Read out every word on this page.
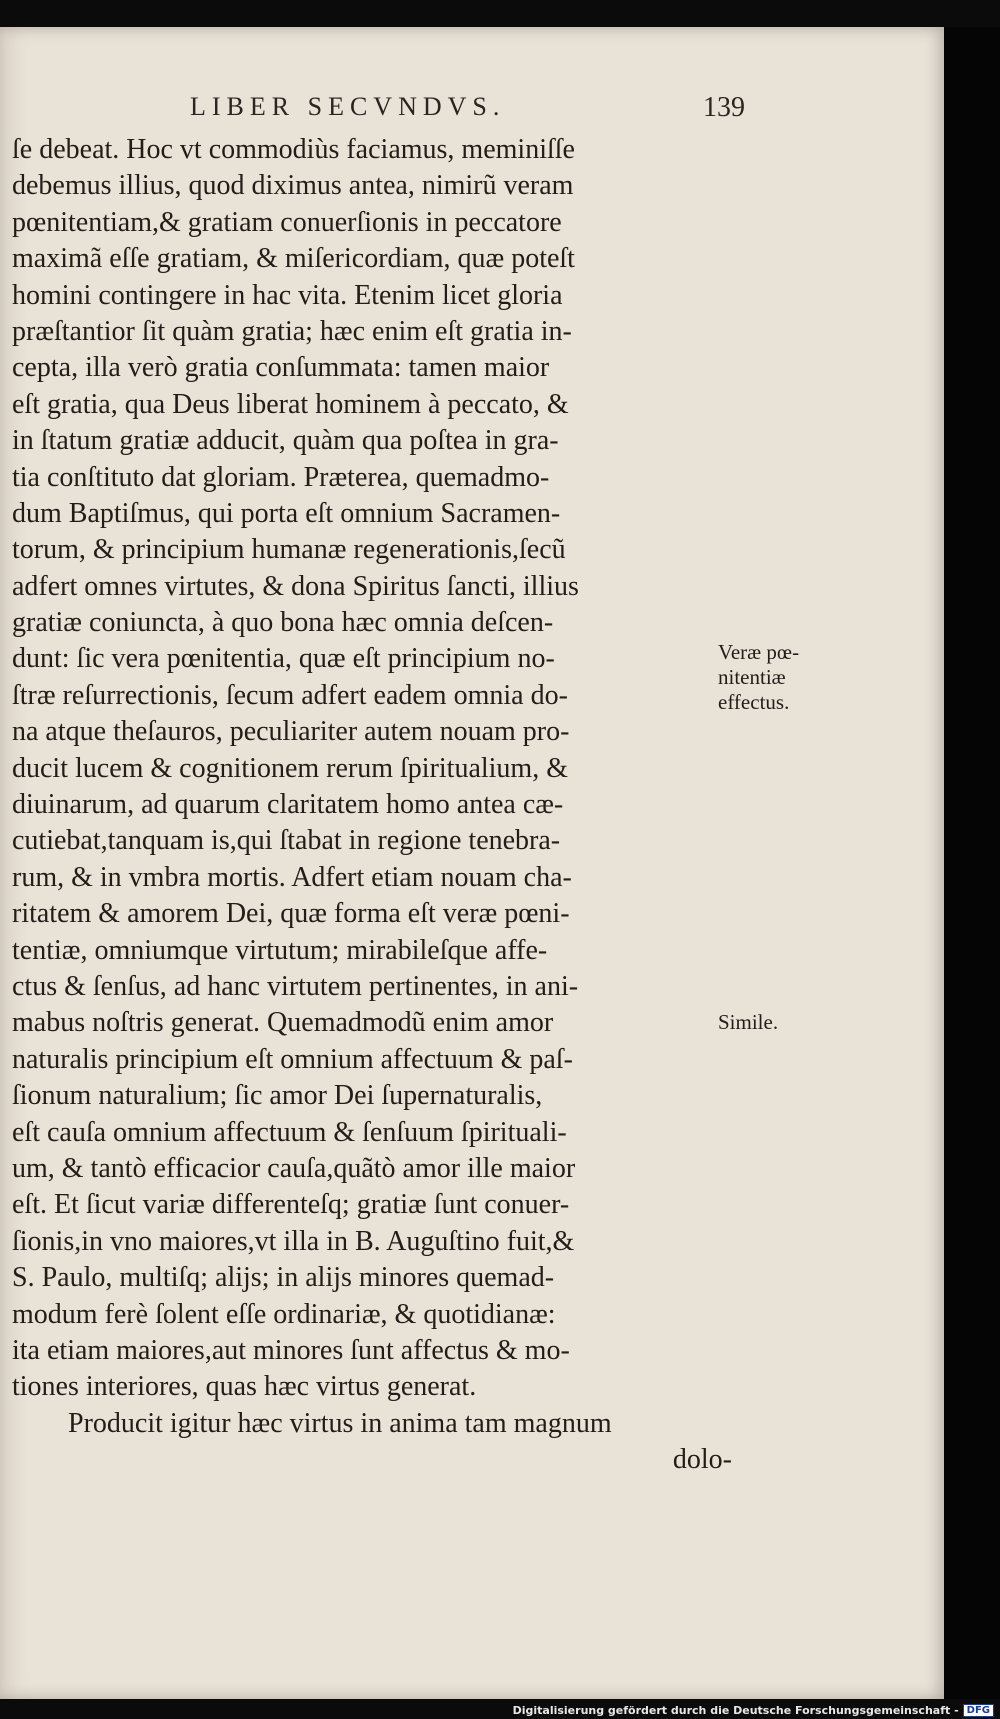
LIBER SECVNDVS.	139
ſe debeat. Hoc vt commodiùs faciamus, meminiſſe
debemus illius, quod diximus antea, nimirũ veram
pœnitentiam,& gratiam conuerſionis in peccatore
maximã eſſe gratiam, & miſericordiam, quæ poteſt
homini contingere in hac vita. Etenim licet gloria
præſtantior ſit quàm gratia; hæc enim eſt gratia in-
cepta, illa verò gratia conſummata: tamen maior
eſt gratia, qua Deus liberat hominem à peccato, &
in ſtatum gratiæ adducit, quàm qua poſtea in gra-
tia conſtituto dat gloriam. Præterea, quemadmo-
dum Baptiſmus, qui porta eſt omnium Sacramen-
torum, & principium humanæ regenerationis,ſecũ
adfert omnes virtutes, & dona Spiritus ſancti, illius
gratiæ coniuncta, à quo bona hæc omnia deſcen-
dunt: ſic vera pœnitentia, quæ eſt principium no-
ſtræ reſurrectionis, ſecum adfert eadem omnia do-
na atque theſauros, peculiariter autem nouam pro-
ducit lucem & cognitionem rerum ſpiritualium, &
diuinarum, ad quarum claritatem homo antea cæ-
cutiebat,tanquam is,qui ſtabat in regione tenebra-
rum, & in vmbra mortis. Adfert etiam nouam cha-
ritatem & amorem Dei, quæ forma eſt veræ pœni-
tentiæ, omniumque virtutum; mirabileſque affe-
ctus & ſenſus, ad hanc virtutem pertinentes, in ani-
mabus noſtris generat. Quemadmodũ enim amor
naturalis principium eſt omnium affectuum & paſ-
ſionum naturalium; ſic amor Dei ſupernaturalis,
eſt cauſa omnium affectuum & ſenſuum ſpirituali-
um, & tantò efficacior cauſa,quãtò amor ille maior
eſt. Et ſicut variæ differenteſq; gratiæ ſunt conuer-
ſionis,in vno maiores,vt illa in B. Auguſtino fuit,&
S. Paulo, multiſq; alijs; in alijs minores quemad-
modum ferè ſolent eſſe ordinariæ, & quotidianæ:
ita etiam maiores,aut minores ſunt affectus & mo-
tiones interiores, quas hæc virtus generat.
Producit igitur hæc virtus in anima tam magnum
dolo-
Veræ pœ-
nitentiæ
effectus.
Simile.
Digitalisierung gefördert durch die Deutsche Forschungsgemeinschaft - DFG
